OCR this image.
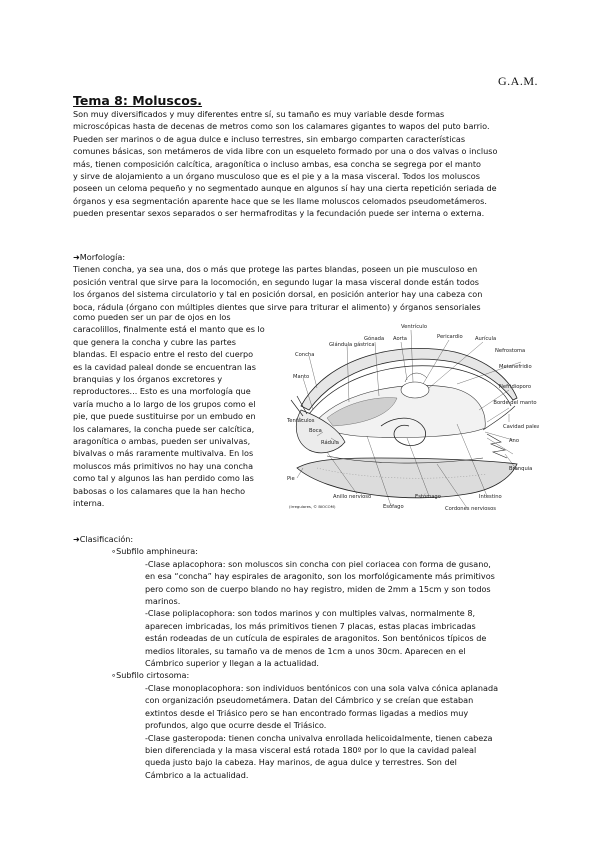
G.A.M.
Tema 8: Moluscos.
Son muy diversificados y muy diferentes entre sí, su tamaño es muy variable desde formas
microscópicas hasta de decenas de metros como son los calamares gigantes to wapos del puto barrio.
Pueden ser marinos o de agua dulce e incluso terrestres, sin embargo comparten características
comunes básicas, son metámeros de vida libre con un esqueleto formado por una o dos valvas o incluso
más, tienen composición calcítica, aragonítica o incluso ambas, esa concha se segrega por el manto
y sirve de alojamiento a un órgano musculoso que es el pie y a la masa visceral. Todos los moluscos
poseen un celoma pequeño y no segmentado aunque en algunos sí hay una cierta repetición seriada de
órganos y esa segmentación aparente hace que se les llame moluscos celomados pseudometámeros.
pueden presentar sexos separados o ser hermafroditas y la fecundación puede ser interna o externa.
➜Morfología:
Tienen concha, ya sea una, dos o más que protege las partes blandas, poseen un pie musculoso en
posición ventral que sirve para la locomoción, en segundo lugar la masa visceral donde están todos
los órganos del sistema circulatorio y tal en posición dorsal, en posición anterior hay una cabeza con
boca, rádula (órgano con múltiples dientes que sirve para triturar el alimento) y órganos sensoriales
como pueden ser un par de ojos en los
caracolillos, finalmente está el manto que es lo
que genera la concha y cubre las partes
blandas. El espacio entre el resto del cuerpo
es la cavidad paleal donde se encuentran las
branquias y los órganos excretores y
reproductores... Esto es una morfología que
varía mucho a lo largo de los grupos como el
pie, que puede sustituirse por un embudo en
los calamares, la concha puede ser calcítica,
aragonítica o ambas, pueden ser univalvas,
bivalvas o más raramente multivalva. En los
moluscos más primitivos no hay una concha
como tal y algunos las han perdido como las
babosas o los calamares que la han hecho
interna.
Ventrículo
Gónada Aorta	Pericardio Aurícula
Nefrostoma
Glándula gástrica
Concha
Metanefridio
Manto
Nefridioporo
Borde del manto
Tentáculos
Cavidad paleal
Ano
Boca
Rádula
Branquia
Pie
Anillo nervioso	Estómago	Intestino
Esófago	Cordones nerviosos
(Irregulares, © BIOCOM)
➜Clasificación:
∘Subfilo amphineura:
-Clase aplacophora: son moluscos sin concha con piel coriacea con forma de gusano,
en esa “concha” hay espirales de aragonito, son los morfológicamente más primitivos
pero como son de cuerpo blando no hay registro, miden de 2mm a 15cm y son todos
marinos.
-Clase poliplacophora: son todos marinos y con multiples valvas, normalmente 8,
aparecen imbricadas, los más primitivos tienen 7 placas, estas placas imbricadas
están rodeadas de un cutícula de espirales de aragonitos. Son bentónicos típicos de
medios litorales, su tamaño va de menos de 1cm a unos 30cm. Aparecen en el
Cámbrico superior y llegan a la actualidad.
∘Subfilo cirtosoma:
-Clase monoplacophora: son individuos bentónicos con una sola valva cónica aplanada
con organización pseudometámera. Datan del Cámbrico y se creían que estaban
extintos desde el Triásico pero se han encontrado formas ligadas a medios muy
profundos, algo que ocurre desde el Triásico.
-Clase gasteropoda: tienen concha univalva enrollada helicoidalmente, tienen cabeza
bien diferenciada y la masa visceral está rotada 180º por lo que la cavidad paleal
queda justo bajo la cabeza. Hay marinos, de agua dulce y terrestres. Son del
Cámbrico a la actualidad.
